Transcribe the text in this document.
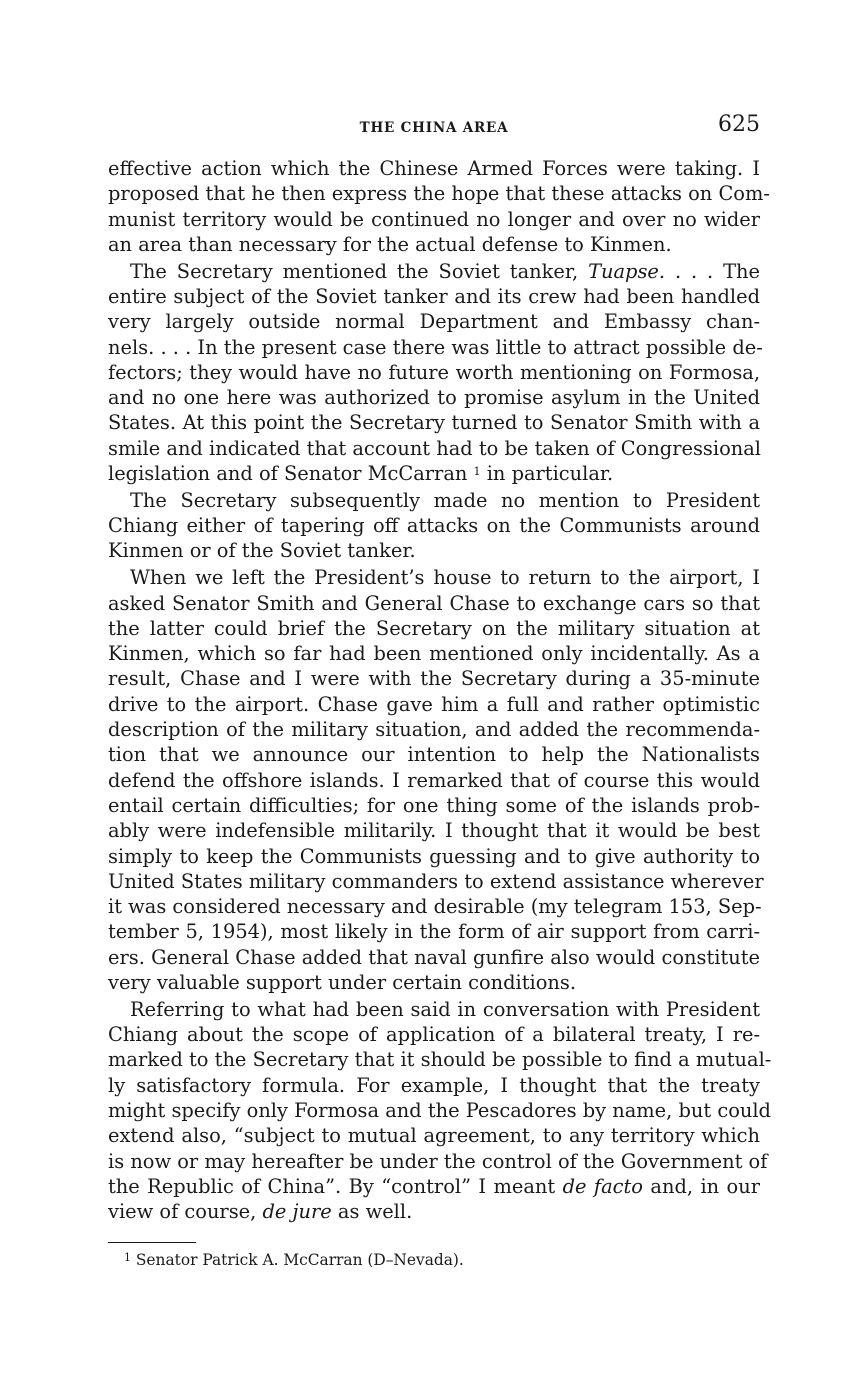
THE CHINA AREA	625
effective action which the Chinese Armed Forces were taking. I
proposed that he then express the hope that these attacks on Com-
munist territory would be continued no longer and over no wider
an area than necessary for the actual defense to Kinmen.
The Secretary mentioned the Soviet tanker, Tuapse. . . . The
entire subject of the Soviet tanker and its crew had been handled
very largely outside normal Department and Embassy chan-
nels. . . . In the present case there was little to attract possible de-
fectors; they would have no future worth mentioning on Formosa,
and no one here was authorized to promise asylum in the United
States. At this point the Secretary turned to Senator Smith with a
smile and indicated that account had to be taken of Congressional
legislation and of Senator McCarran $^1$ in particular.
The Secretary subsequently made no mention to President
Chiang either of tapering off attacks on the Communists around
Kinmen or of the Soviet tanker.
When we left the President’s house to return to the airport, I
asked Senator Smith and General Chase to exchange cars so that
the latter could brief the Secretary on the military situation at
Kinmen, which so far had been mentioned only incidentally. As a
result, Chase and I were with the Secretary during a 35-minute
drive to the airport. Chase gave him a full and rather optimistic
description of the military situation, and added the recommenda-
tion that we announce our intention to help the Nationalists
defend the offshore islands. I remarked that of course this would
entail certain difficulties; for one thing some of the islands prob-
ably were indefensible militarily. I thought that it would be best
simply to keep the Communists guessing and to give authority to
United States military commanders to extend assistance wherever
it was considered necessary and desirable (my telegram 153, Sep-
tember 5, 1954), most likely in the form of air support from carri-
ers. General Chase added that naval gunfire also would constitute
very valuable support under certain conditions.
Referring to what had been said in conversation with President
Chiang about the scope of application of a bilateral treaty, I re-
marked to the Secretary that it should be possible to find a mutual-
ly satisfactory formula. For example, I thought that the treaty
might specify only Formosa and the Pescadores by name, but could
extend also, “subject to mutual agreement, to any territory which
is now or may hereafter be under the control of the Government of
the Republic of China”. By “control” I meant de facto and, in our
view of course, de jure as well.
$^1$ Senator Patrick A. McCarran (D–Nevada).
